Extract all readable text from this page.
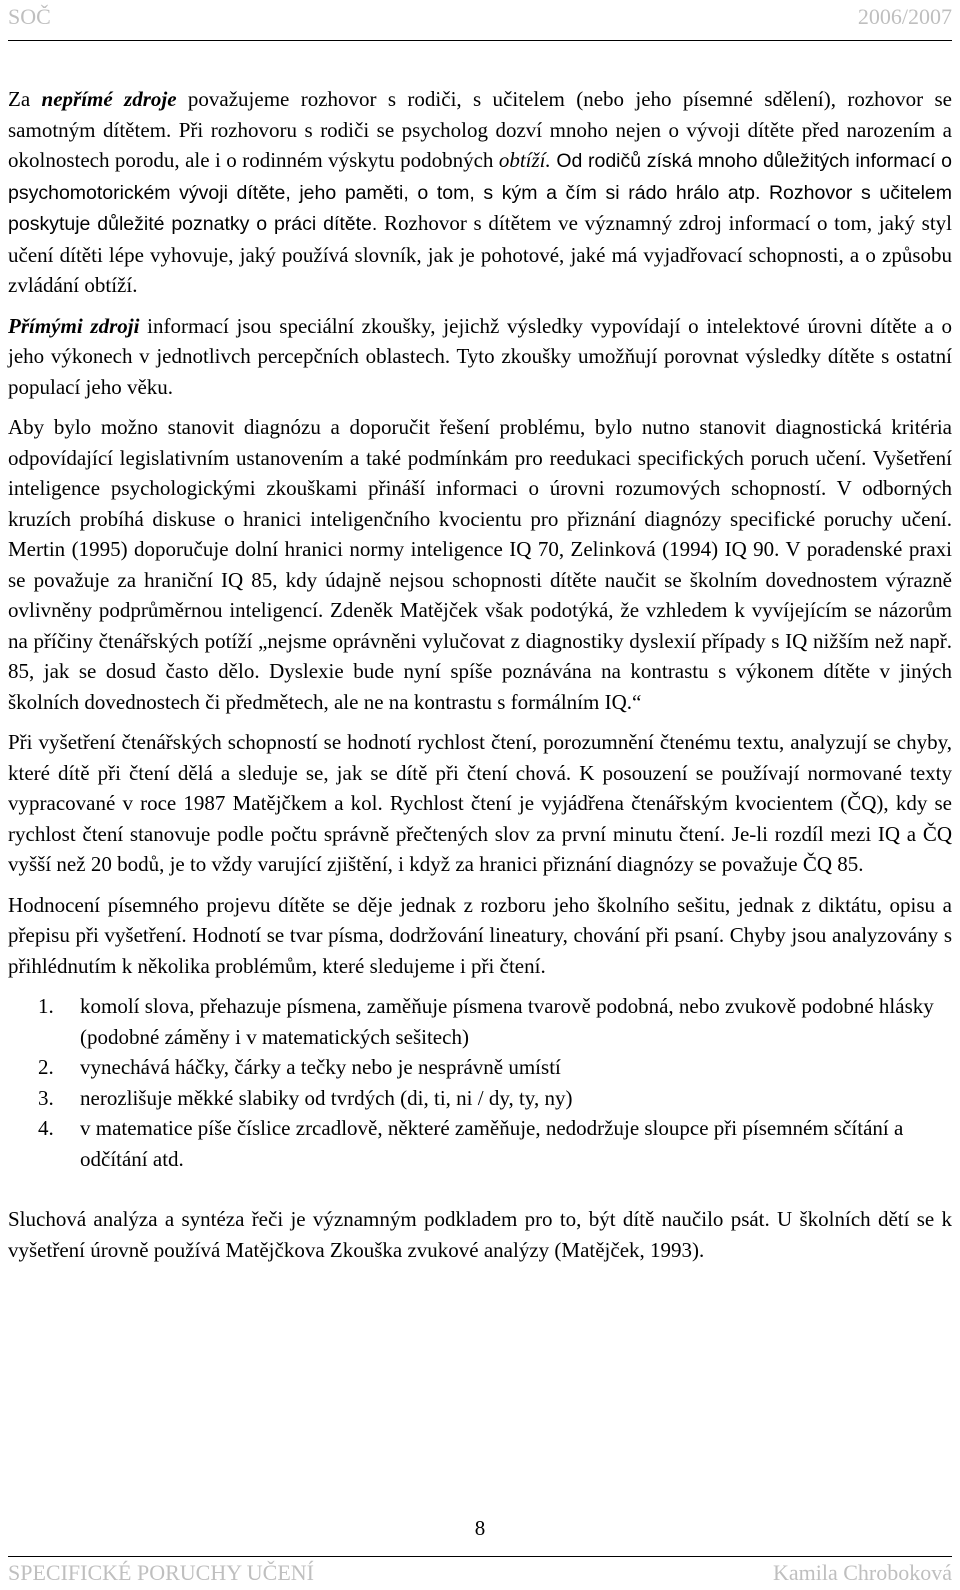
SOČ	2006/2007

Za nepřímé zdroje považujeme rozhovor s rodiči, s učitelem (nebo jeho písemné sdělení), rozhovor se samotným dítětem. Při rozhovoru s rodiči se psycholog dozví mnoho nejen o vývoji dítěte před narozením a okolnostech porodu, ale i o rodinném výskytu podobných obtíží. Od rodičů získá mnoho důležitých informací o psychomotorickém vývoji dítěte, jeho paměti, o tom, s kým a čím si rádo hrálo atp. Rozhovor s učitelem poskytuje důležité poznatky o práci dítěte. Rozhovor s dítětem ve významný zdroj informací o tom, jaký styl učení dítěti lépe vyhovuje, jaký používá slovník, jak je pohotové, jaké má vyjadřovací schopnosti, a o způsobu zvládání obtíží.

Přímými zdroji informací jsou speciální zkoušky, jejichž výsledky vypovídají o intelektové úrovni dítěte a o jeho výkonech v jednotlivch percepčních oblastech. Tyto zkoušky umožňují porovnat výsledky dítěte s ostatní populací jeho věku.

Aby bylo možno stanovit diagnózu a doporučit řešení problému, bylo nutno stanovit diagnostická kritéria odpovídající legislativním ustanovením a také podmínkám pro reedukaci specifických poruch učení. Vyšetření inteligence psychologickými zkouškami přináší informaci o úrovni rozumových schopností. V odborných kruzích probíhá diskuse o hranici inteligenčního kvocientu pro přiznání diagnózy specifické poruchy učení. Mertin (1995) doporučuje dolní hranici normy inteligence IQ 70, Zelinková (1994) IQ 90. V poradenské praxi se považuje za hraniční IQ 85, kdy údajně nejsou schopnosti dítěte naučit se školním dovednostem výrazně ovlivněny podprůměrnou inteligencí. Zdeněk Matějček však podotýká, že vzhledem k vyvíjejícím se názorům na příčiny čtenářských potíží „nejsme oprávněni vylučovat z diagnostiky dyslexií případy s IQ nižším než např. 85, jak se dosud často dělo. Dyslexie bude nyní spíše poznávána na kontrastu s výkonem dítěte v jiných školních dovednostech či předmětech, ale ne na kontrastu s formálním IQ.“

Při vyšetření čtenářských schopností se hodnotí rychlost čtení, porozumnění čtenému textu, analyzují se chyby, které dítě při čtení dělá a sleduje se, jak se dítě při čtení chová. K posouzení se používají normované texty vypracované v roce 1987 Matějčkem a kol. Rychlost čtení je vyjádřena čtenářským kvocientem (ČQ), kdy se rychlost čtení stanovuje podle počtu správně přečtených slov za první minutu čtení. Je-li rozdíl mezi IQ a ČQ vyšší než 20 bodů, je to vždy varující zjištění, i když za hranici přiznání diagnózy se považuje ČQ 85.

Hodnocení písemného projevu dítěte se děje jednak z rozboru jeho školního sešitu, jednak z diktátu, opisu a přepisu při vyšetření. Hodnotí se tvar písma, dodržování lineatury, chování při psaní. Chyby jsou analyzovány s přihlédnutím k několika problémům, které sledujeme i při čtení.

1. komolí slova, přehazuje písmena, zaměňuje písmena tvarově podobná, nebo zvukově podobné hlásky (podobné záměny i v matematických sešitech)
2. vynechává háčky, čárky a tečky nebo je nesprávně umístí
3. nerozlišuje měkké slabiky od tvrdých (di, ti, ni / dy, ty, ny)
4. v matematice píše číslice zrcadlově, některé zaměňuje, nedodržuje sloupce při písemném sčítání a odčítání atd.

Sluchová analýza a syntéza řeči je významným podkladem pro to, být dítě naučilo psát. U školních dětí se k vyšetření úrovně používá Matějčkova Zkouška zvukové analýzy (Matějček, 1993).

8
SPECIFICKÉ PORUCHY UČENÍ	Kamila Chroboková
